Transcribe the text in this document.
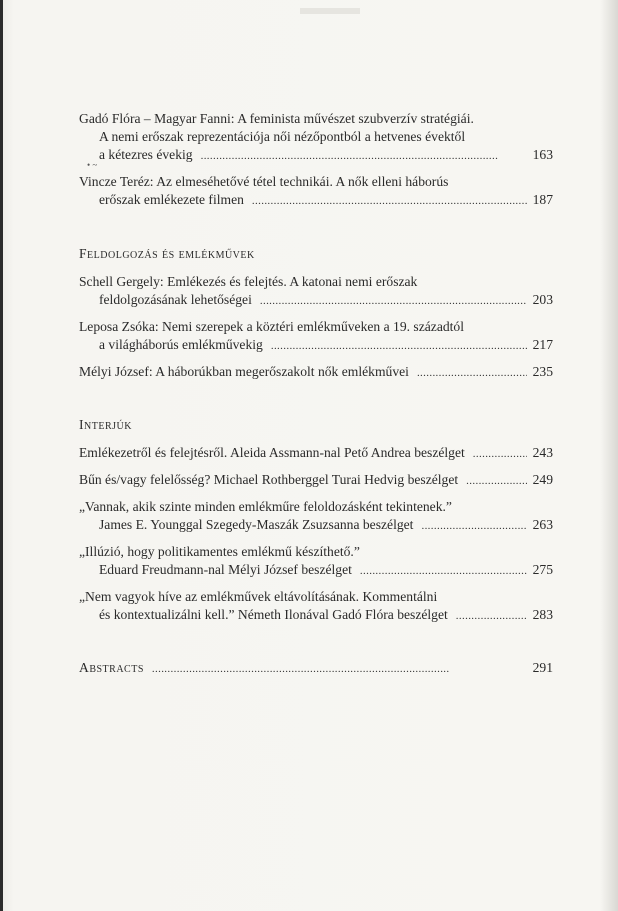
Gadó Flóra – Magyar Fanni: A feminista művészet szubverzív stratégiái.
A nemi erőszak reprezentációja női nézőpontból a hetvenes évektől
a kétezres évekig . . .	163
Vincze Teréz: Az elmeséhetővé tétel technikái. A nők elleni háborús
erőszak emlékezete filmen . . .	187

Feldolgozás és emlékművek

Schell Gergely: Emlékezés és felejtés. A katonai nemi erőszak
feldolgozásának lehetőségei . . .	203
Leposa Zsóka: Nemi szerepek a köztéri emlékműveken a 19. századtól
a világháborús emlékművekig . . .	217
Mélyi József: A háborúkban megerőszakolt nők emlékművei . . .	235

Interjúk

Emlékezetről és felejtésről. Aleida Assmann-nal Pető Andrea beszélget . . .	243
Bűn és/vagy felelősség? Michael Rothberggel Turai Hedvig beszélget . . .	249
„Vannak, akik szinte minden emlékműre feloldozásként tekintenek.”
James E. Younggal Szegedy-Maszák Zsuzsanna beszélget . . .	263
„Illúzió, hogy politikamentes emlékmű készíthető.”
Eduard Freudmann-nal Mélyi József beszélget . . .	275
„Nem vagyok híve az emlékművek eltávolításának. Kommentálni
és kontextualizálni kell.” Németh Ilonával Gadó Flóra beszélget . . .	283
Abstracts . . .	291
• ~
